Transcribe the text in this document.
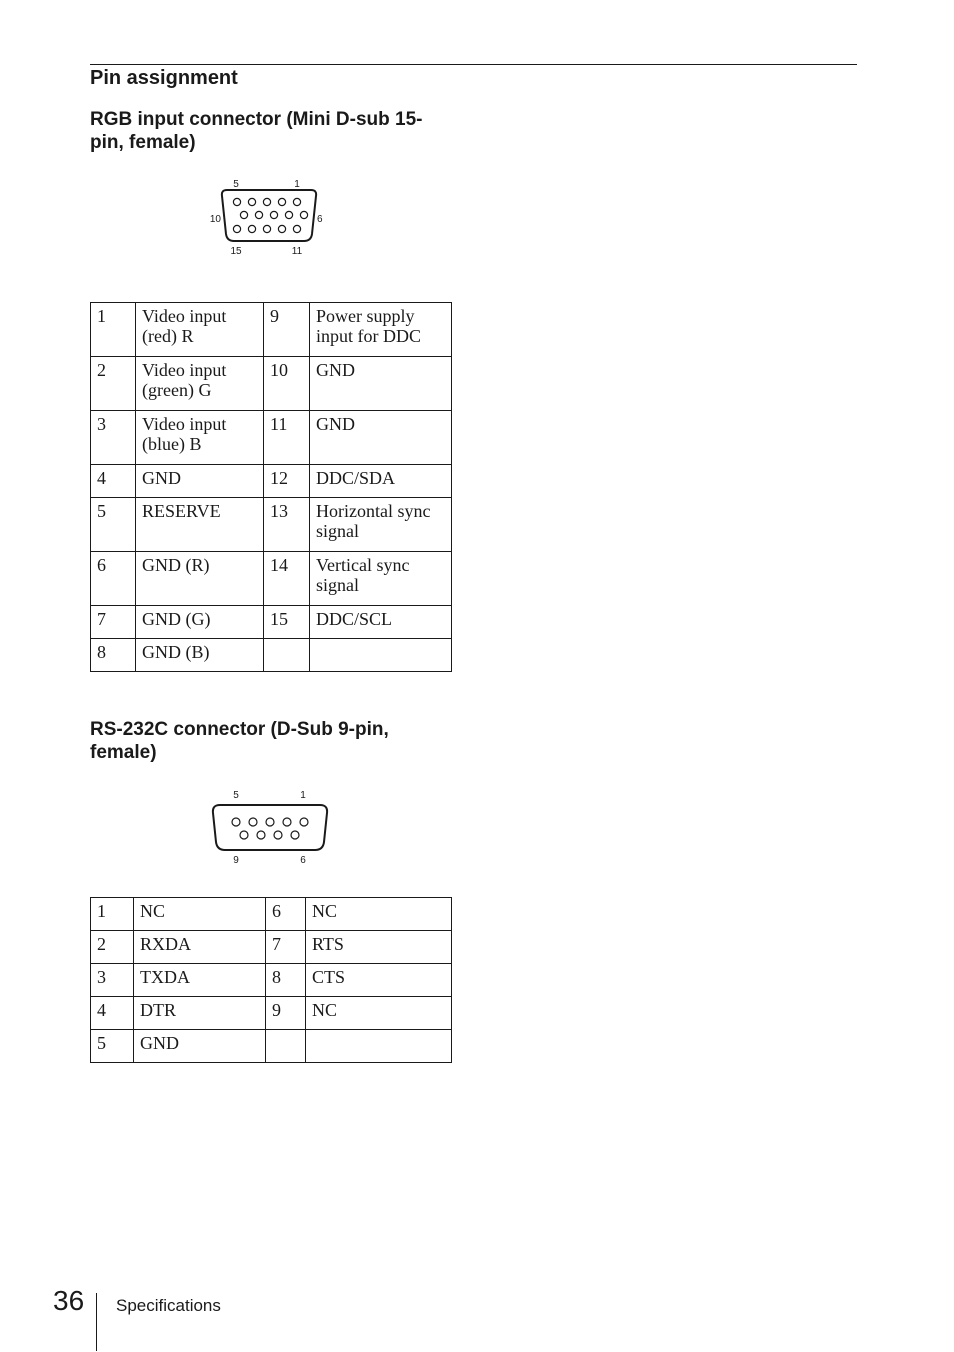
Pin assignment
RGB input connector (Mini D-sub 15-pin, female)
5	1
10	6
15	11
1	Video input (red) R	9	Power supply input for DDC
2	Video input (green) G	10	GND
3	Video input (blue) B	11	GND
4	GND	12	DDC/SDA
5	RESERVE	13	Horizontal sync signal
6	GND (R)	14	Vertical sync signal
7	GND (G)	15	DDC/SCL
8	GND (B)		
RS-232C connector (D-Sub 9-pin, female)
5	1
9	6
1	NC	6	NC
2	RXDA	7	RTS
3	TXDA	8	CTS
4	DTR	9	NC
5	GND		
36 Specifications
